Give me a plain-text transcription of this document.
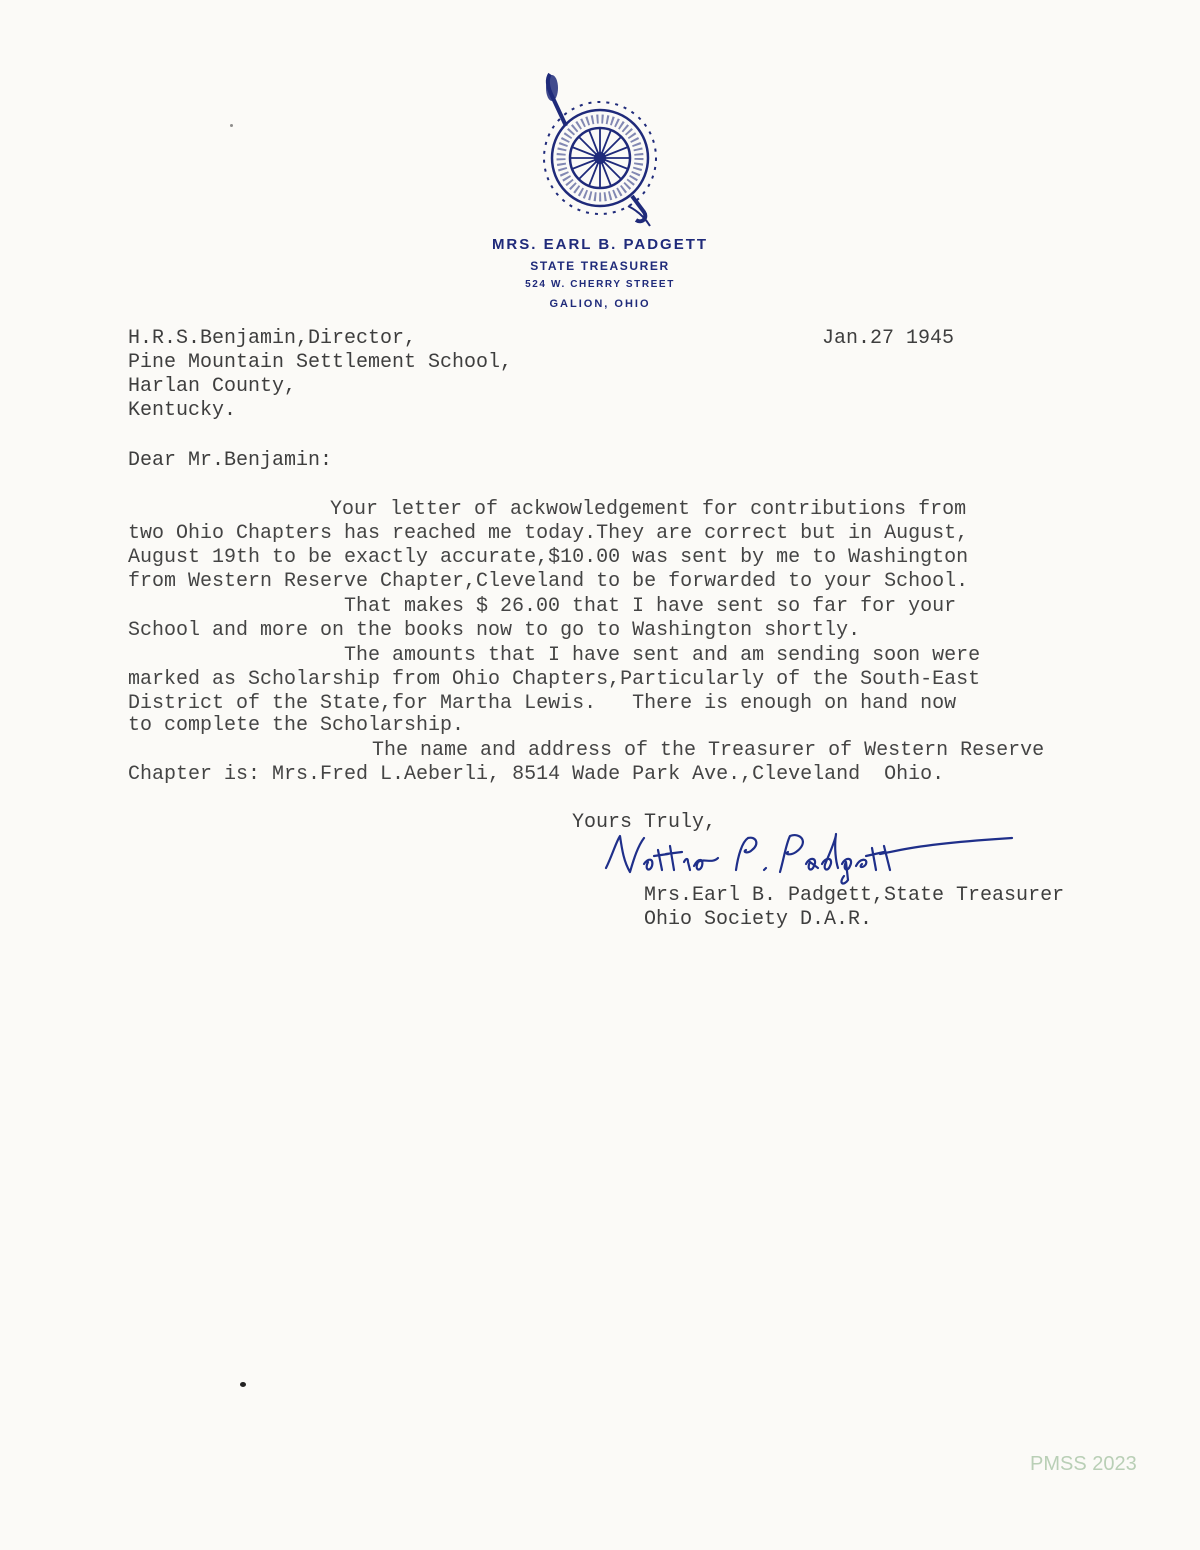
MRS. EARL B. PADGETT
STATE TREASURER
524 W. CHERRY STREET
GALION, OHIO
Jan.27 1945
H.R.S.Benjamin,Director,
Pine Mountain Settlement School,
Harlan County,
Kentucky.
Dear Mr.Benjamin:
Your letter of ackwowledgement for contributions from
two Ohio Chapters has reached me today.They are correct but in August,
August 19th to be exactly accurate,$10.00 was sent by me to Washington
from Western Reserve Chapter,Cleveland to be forwarded to your School.
That makes $ 26.00 that I have sent so far for your
School and more on the books now to go to Washington shortly.
The amounts that I have sent and am sending soon were
marked as Scholarship from Ohio Chapters,Particularly of the South-East
District of the State,for Martha Lewis.   There is enough on hand now
to complete the Scholarship.
The name and address of the Treasurer of Western Reserve
Chapter is: Mrs.Fred L.Aeberli, 8514 Wade Park Ave.,Cleveland  Ohio.
Yours Truly,
Mrs.Earl B. Padgett,State Treasurer
Ohio Society D.A.R.
PMSS 2023
